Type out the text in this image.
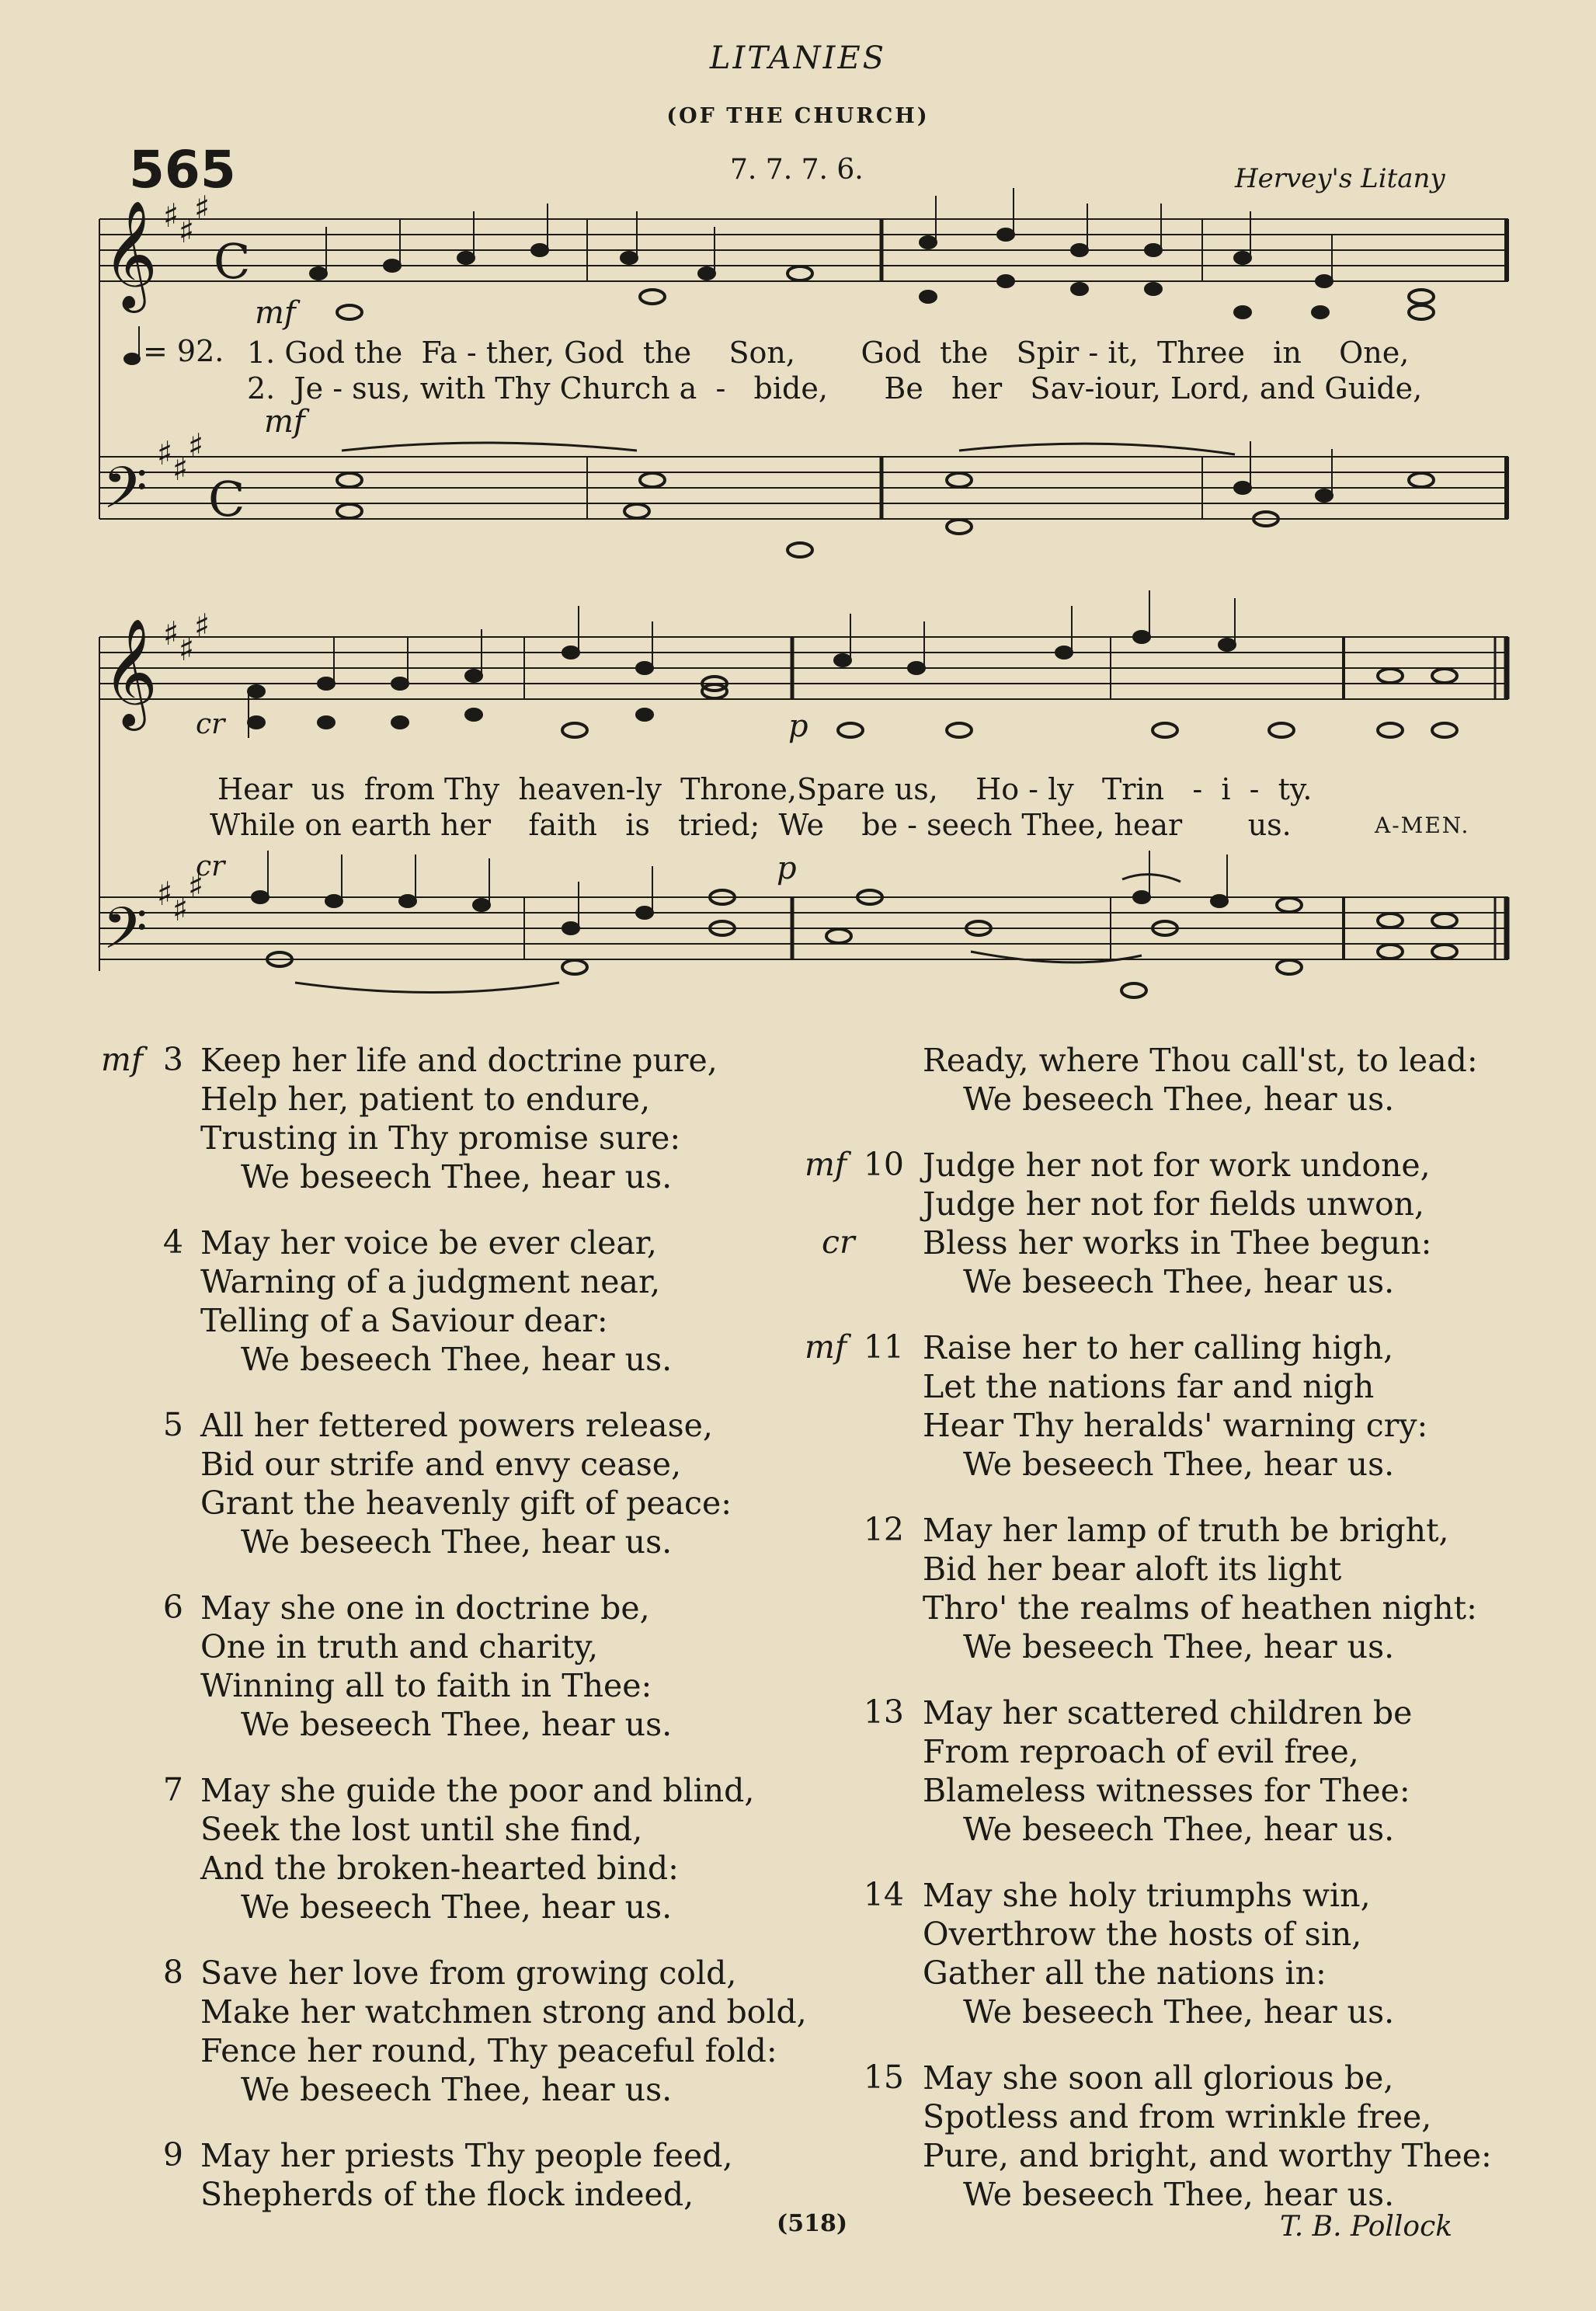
LITANIES
(OF THE CHURCH)
565	7. 7. 7. 6.	Hervey's Litany
𝄞
𝄢
𝄞
𝄢
♯ ♯
♯
♯ ♯
♯
♯ ♯
♯
♯ ♯
♯
C
C
mf
mf
cr
cr
p
p
= 92. 1. God the  Fa - ther, God  the    Son,       God  the   Spir - it,  Three   in    One,
2.  Je - sus, with Thy Church a  -   bide,      Be   her   Sav-iour, Lord, and Guide,
Hear  us  from Thy  heaven-ly  Throne,Spare us,    Ho - ly   Trin   -  i  -  ty.
While on earth her    faith   is   tried;  We    be - seech Thee, hear       us.	A-MEN.
mf 3 Keep her life and doctrine pure,
Help her, patient to endure,
Trusting in Thy promise sure:
We beseech Thee, hear us.
4 May her voice be ever clear,
Warning of a judgment near,
Telling of a Saviour dear:
We beseech Thee, hear us.
5 All her fettered powers release,
Bid our strife and envy cease,
Grant the heavenly gift of peace:
We beseech Thee, hear us.
6 May she one in doctrine be,
One in truth and charity,
Winning all to faith in Thee:
We beseech Thee, hear us.
7 May she guide the poor and blind,
Seek the lost until she find,
And the broken-hearted bind:
We beseech Thee, hear us.
8 Save her love from growing cold,
Make her watchmen strong and bold,
Fence her round, Thy peaceful fold:
We beseech Thee, hear us.
9 May her priests Thy people feed,
Shepherds of the flock indeed,
Ready, where Thou call'st, to lead:
We beseech Thee, hear us.
mf
cr
10 Judge her not for work undone,
Judge her not for fields unwon,
Bless her works in Thee begun:
We beseech Thee, hear us.
mf 11 Raise her to her calling high,
Let the nations far and nigh
Hear Thy heralds' warning cry:
We beseech Thee, hear us.
12 May her lamp of truth be bright,
Bid her bear aloft its light
Thro' the realms of heathen night:
We beseech Thee, hear us.
13 May her scattered children be
From reproach of evil free,
Blameless witnesses for Thee:
We beseech Thee, hear us.
14 May she holy triumphs win,
Overthrow the hosts of sin,
Gather all the nations in:
We beseech Thee, hear us.
15 May she soon all glorious be,
Spotless and from wrinkle free,
Pure, and bright, and worthy Thee:
We beseech Thee, hear us.
(518)	T. B. Pollock
